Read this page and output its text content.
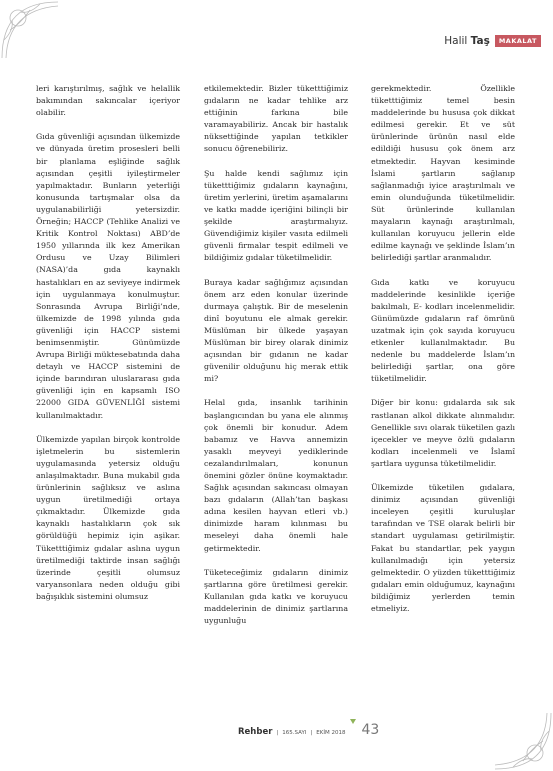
Halil Taş	MAKALAT

leri karıştırılmış, sağlık ve helallik bakımından sakıncalar içeriyor olabilir.

Gıda güvenliği açısından ülkemizde ve dünyada üretim prosesleri belli bir planlama eşliğinde sağlık açısından çeşitli iyileştirmeler yapılmaktadır. Bunların yeterliği konusunda tartışmalar olsa da uygulanabilirliği yetersizdir. Örneğin; HACCP (Tehlike Analizi ve Kritik Kontrol Noktası) ABD’de 1950 yıllarında ilk kez Amerikan Ordusu ve Uzay Bilimleri (NASA)’da gıda kaynaklı hastalıkları en az seviyeye indirmek için uygulanmaya konulmuştur. Sonrasında Avrupa Birliği’nde, ülkemizde de 1998 yılında gıda güvenliği için HACCP sistemi benimsenmiştir. Günümüzde Avrupa Birliği müktesebatında daha detaylı ve HACCP sistemini de içinde barındıran uluslararası gıda güvenliği için en kapsamlı ISO 22000 GIDA GÜVENLİĞİ sistemi kullanılmaktadır.

Ülkemizde yapılan birçok kontrolde işletmelerin bu sistemlerin uygulamasında yetersiz olduğu anlaşılmaktadır. Buna mukabil gıda ürünlerinin sağlıksız ve aslına uygun üretilmediği ortaya çıkmaktadır. Ülkemizde gıda kaynaklı hastalıkların çok sık görüldüğü hepimiz için aşikar. Tüketttiğimiz gıdalar aslına uygun üretilmediği taktirde insan sağlığı üzerinde çeşitli olumsuz varyansonlara neden olduğu gibi bağışıklık sistemini olumsuz

etkilemektedir. Bizler tüketttiğimiz gıdaların ne kadar tehlike arz ettiğinin farkına bile varamayabiliriz. Ancak bir hastalık nüksettiğinde yapılan tetkikler sonucu öğrenebiliriz.

Şu halde kendi sağlımız için tüketttiğimiz gıdaların kaynağını, üretim yerlerini, üretim aşamalarını ve katkı madde içeriğini bilinçli bir şekilde araştırmalıyız. Güvendiğimiz kişiler vasıta edilmeli güvenli firmalar tespit edilmeli ve bildiğimiz gıdalar tüketilmelidir.

Buraya kadar sağlığımız açısından önem arz eden konular üzerinde durmaya çalıştık. Bir de meselenin dinî boyutunu ele almak gerekir. Müslüman bir ülkede yaşayan Müslüman bir birey olarak dinimiz açısından bir gıdanın ne kadar güvenilir olduğunu hiç merak ettik mi?

Helal gıda, insanlık tarihinin başlangıcından bu yana ele alınmış çok önemli bir konudur. Adem babamız ve Havva annemizin yasaklı meyveyi yediklerinde cezalandırılmaları, konunun önemini gözler önüne koymaktadır. Sağlık açısından sakıncası olmayan bazı gıdaların (Allah’tan başkası adına kesilen hayvan etleri vb.) dinimizde haram kılınması bu meseleyi daha önemli hale getirmektedir.

Tüketeceğimiz gıdaların dinimiz şartlarına göre üretilmesi gerekir. Kullanılan gıda katkı ve koruyucu maddelerinin de dinimiz şartlarına uygunluğu

gerekmektedir. Özellikle tüketttiğimiz temel besin maddelerinde bu hususa çok dikkat edilmesi gerekir. Et ve süt ürünlerinde ürünün nasıl elde edildiği hususu çok önem arz etmektedir. Hayvan kesiminde İslami şartların sağlanıp sağlanmadığı iyice araştırılmalı ve emin olunduğunda tüketilmelidir. Süt ürünlerinde kullanılan mayaların kaynağı araştırılmalı, kullanılan koruyucu jellerin elde edilme kaynağı ve şeklinde İslam’ın belirlediği şartlar aranmalıdır.

Gıda katkı ve koruyucu maddelerinde kesinlikle içeriğe bakılmalı, E- kodları incelenmelidir. Günümüzde gıdaların raf ömrünü uzatmak için çok sayıda koruyucu etkenler kullanılmaktadır. Bu nedenle bu maddelerde İslam’ın belirlediği şartlar, ona göre tüketilmelidir.

Diğer bir konu: gıdalarda sık sık rastlanan alkol dikkate alınmalıdır. Genellikle sıvı olarak tüketilen gazlı içecekler ve meyve özlü gıdaların kodları incelenmeli ve İslamî şartlara uygunsa tüketilmelidir.

Ülkemizde tüketilen gıdalara, dinimiz açısından güvenliği inceleyen çeşitli kuruluşlar tarafından ve TSE olarak belirli bir standart uygulaması getirilmiştir. Fakat bu standartlar, pek yaygın kullanılmadığı için yetersiz gelmektedir. O yüzden tüketttiğimiz gıdaları emin olduğumuz, kaynağını bildiğimiz yerlerden temin etmeliyiz.

Rehber | 165.SAYI | EKİM 2018 43
